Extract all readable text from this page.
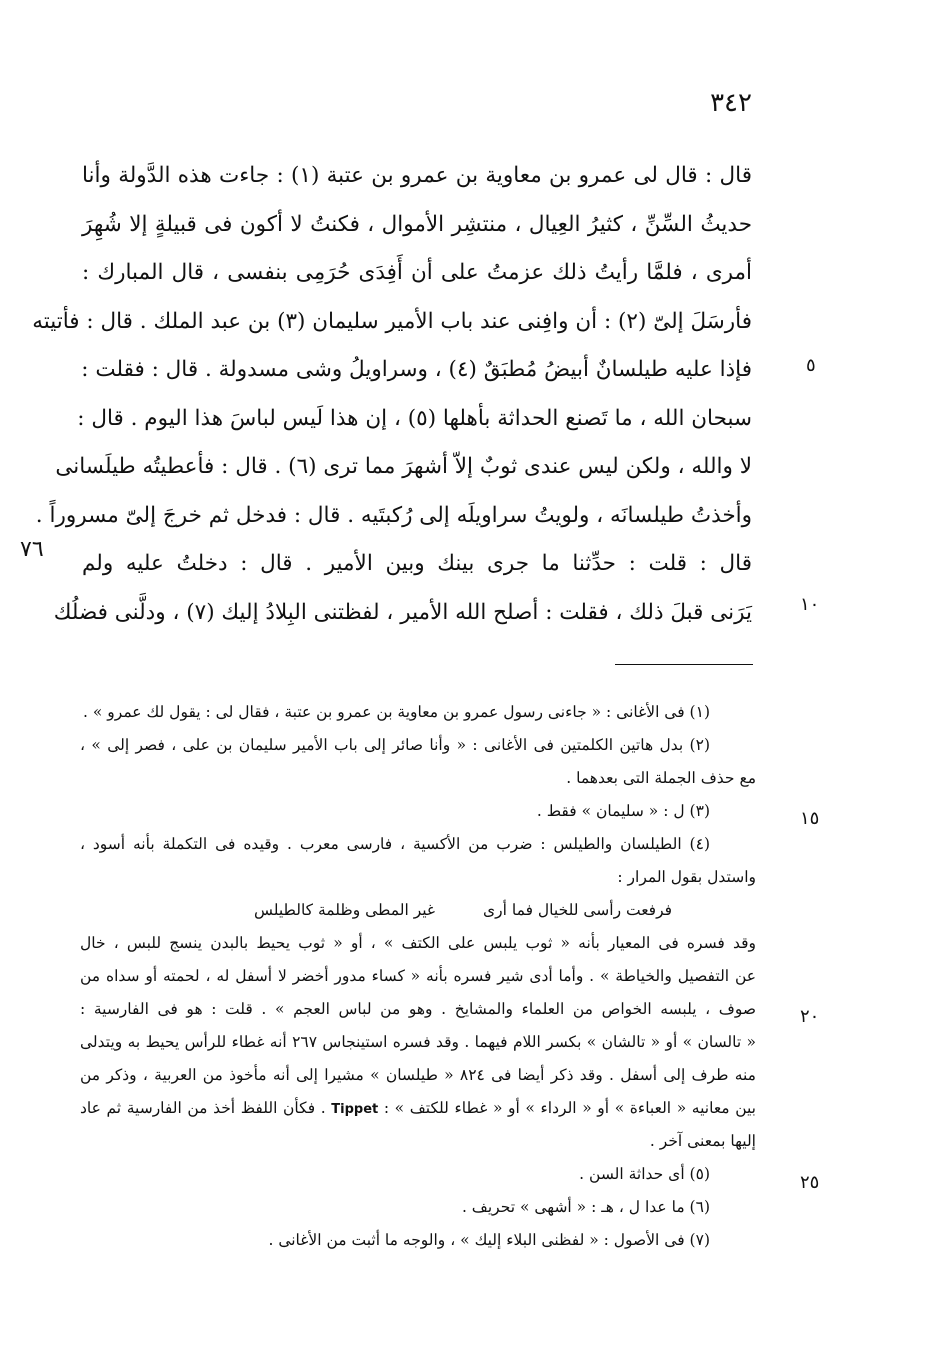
٣٤٢
قال : قال لى عمرو بن معاوية بن عمرو بن عتبة (١) : جاءت هذه الدَّولة وأنا
حديثُ السِّنِّ ، كثيرُ العِيال ، منتشِر الأموال ، فكنتُ لا أكون فى قبيلةٍ إلا شُهِرَ
أمرى ، فلمَّا رأيتُ ذلك عزمتُ على أن أَفِدَى حُرَمِى بنفسى ، قال المبارك :
فأرسَلَ إلىّ (٢) : أن وافِنى عند باب الأمير سليمان (٣) بن عبد الملك . قال : فأتيته
فإذا عليه طيلسانٌ أبيضُ مُطبَقٌ (٤) ، وسراويلُ وشى مسدولة . قال : فقلت :
سبحان الله ، ما تَصنع الحداثة بأهلها (٥) ، إن هذا لَيس لباسَ هذا اليوم . قال :
لا والله ، ولكن ليس عندى ثوبٌ إلاّ أشهرَ مما ترى (٦) . قال : فأعطيتُه طيلَسانى
وأخذتُ طيلسانَه ، ولويتُ سراويلَه إلى رُكبتَيه . قال : فدخل ثم خرجَ إلىّ مسروراً .
قال : قلت : حدِّثنا ما جرى بينك وبين الأمير . قال : دخلتُ عليه ولم
يَرَنى قبلَ ذلك ، فقلت : أصلح الله الأمير ، لفظتنى البِلادُ إليك (٧) ، ودلَّنى فضلُك
٥
١٠
٧٦
١٥
٢٠
٢٥
(١) فى الأغانى : « جاءنى رسول عمرو بن معاوية بن عمرو بن عتبة ، فقال لى : يقول لك عمرو » .
(٢) بدل هاتين الكلمتين فى الأغانى : « وأنا صائر إلى باب الأمير سليمان بن على ، فصر إلى » ،
مع حذف الجملة التى بعدهما .
(٣) ل : « سليمان » فقط .
(٤) الطيلسان والطيلس : ضرب من الأكسية ، فارسى معرب . وقيده فى التكملة بأنه أسود ،
واستدل بقول المرار :
فرفعت رأسى للخيال فما أرىغير المطى وظلمة كالطيلس
وقد فسره فى المعيار بأنه « ثوب يلبس على الكتف » ، أو « ثوب يحيط بالبدن ينسج للبس ، خال
عن التفصيل والخياطة » . وأما أدى شير فسره بأنه « كساء مدور أخضر لا أسفل له ، لحمته أو سداه من
صوف ، يلبسه الخواص من العلماء والمشايخ . وهو من لباس العجم » . قلت : هو فى الفارسية :
« تالسان » أو « تالشان » بكسر اللام فيهما . وقد فسره استينجاس ٢٦٧ أنه غطاء للرأس يحيط به ويتدلى
منه طرف إلى أسفل . وقد ذكر أيضا فى ٨٢٤ « طيلسان » مشيرا إلى أنه مأخوذ من العربية ، وذكر من
بين معانيه « العباءة » أو « الرداء » أو « غطاء للكتف » : Tippet . فكأن اللفظ أخذ من الفارسية ثم عاد
إليها بمعنى آخر .
(٥) أى حداثة السن .
(٦) ما عدا ل ، هـ : « أشهى » تحريف .
(٧) فى الأصول : « لفظنى البلاء إليك » ، والوجه ما أثبت من الأغانى .
